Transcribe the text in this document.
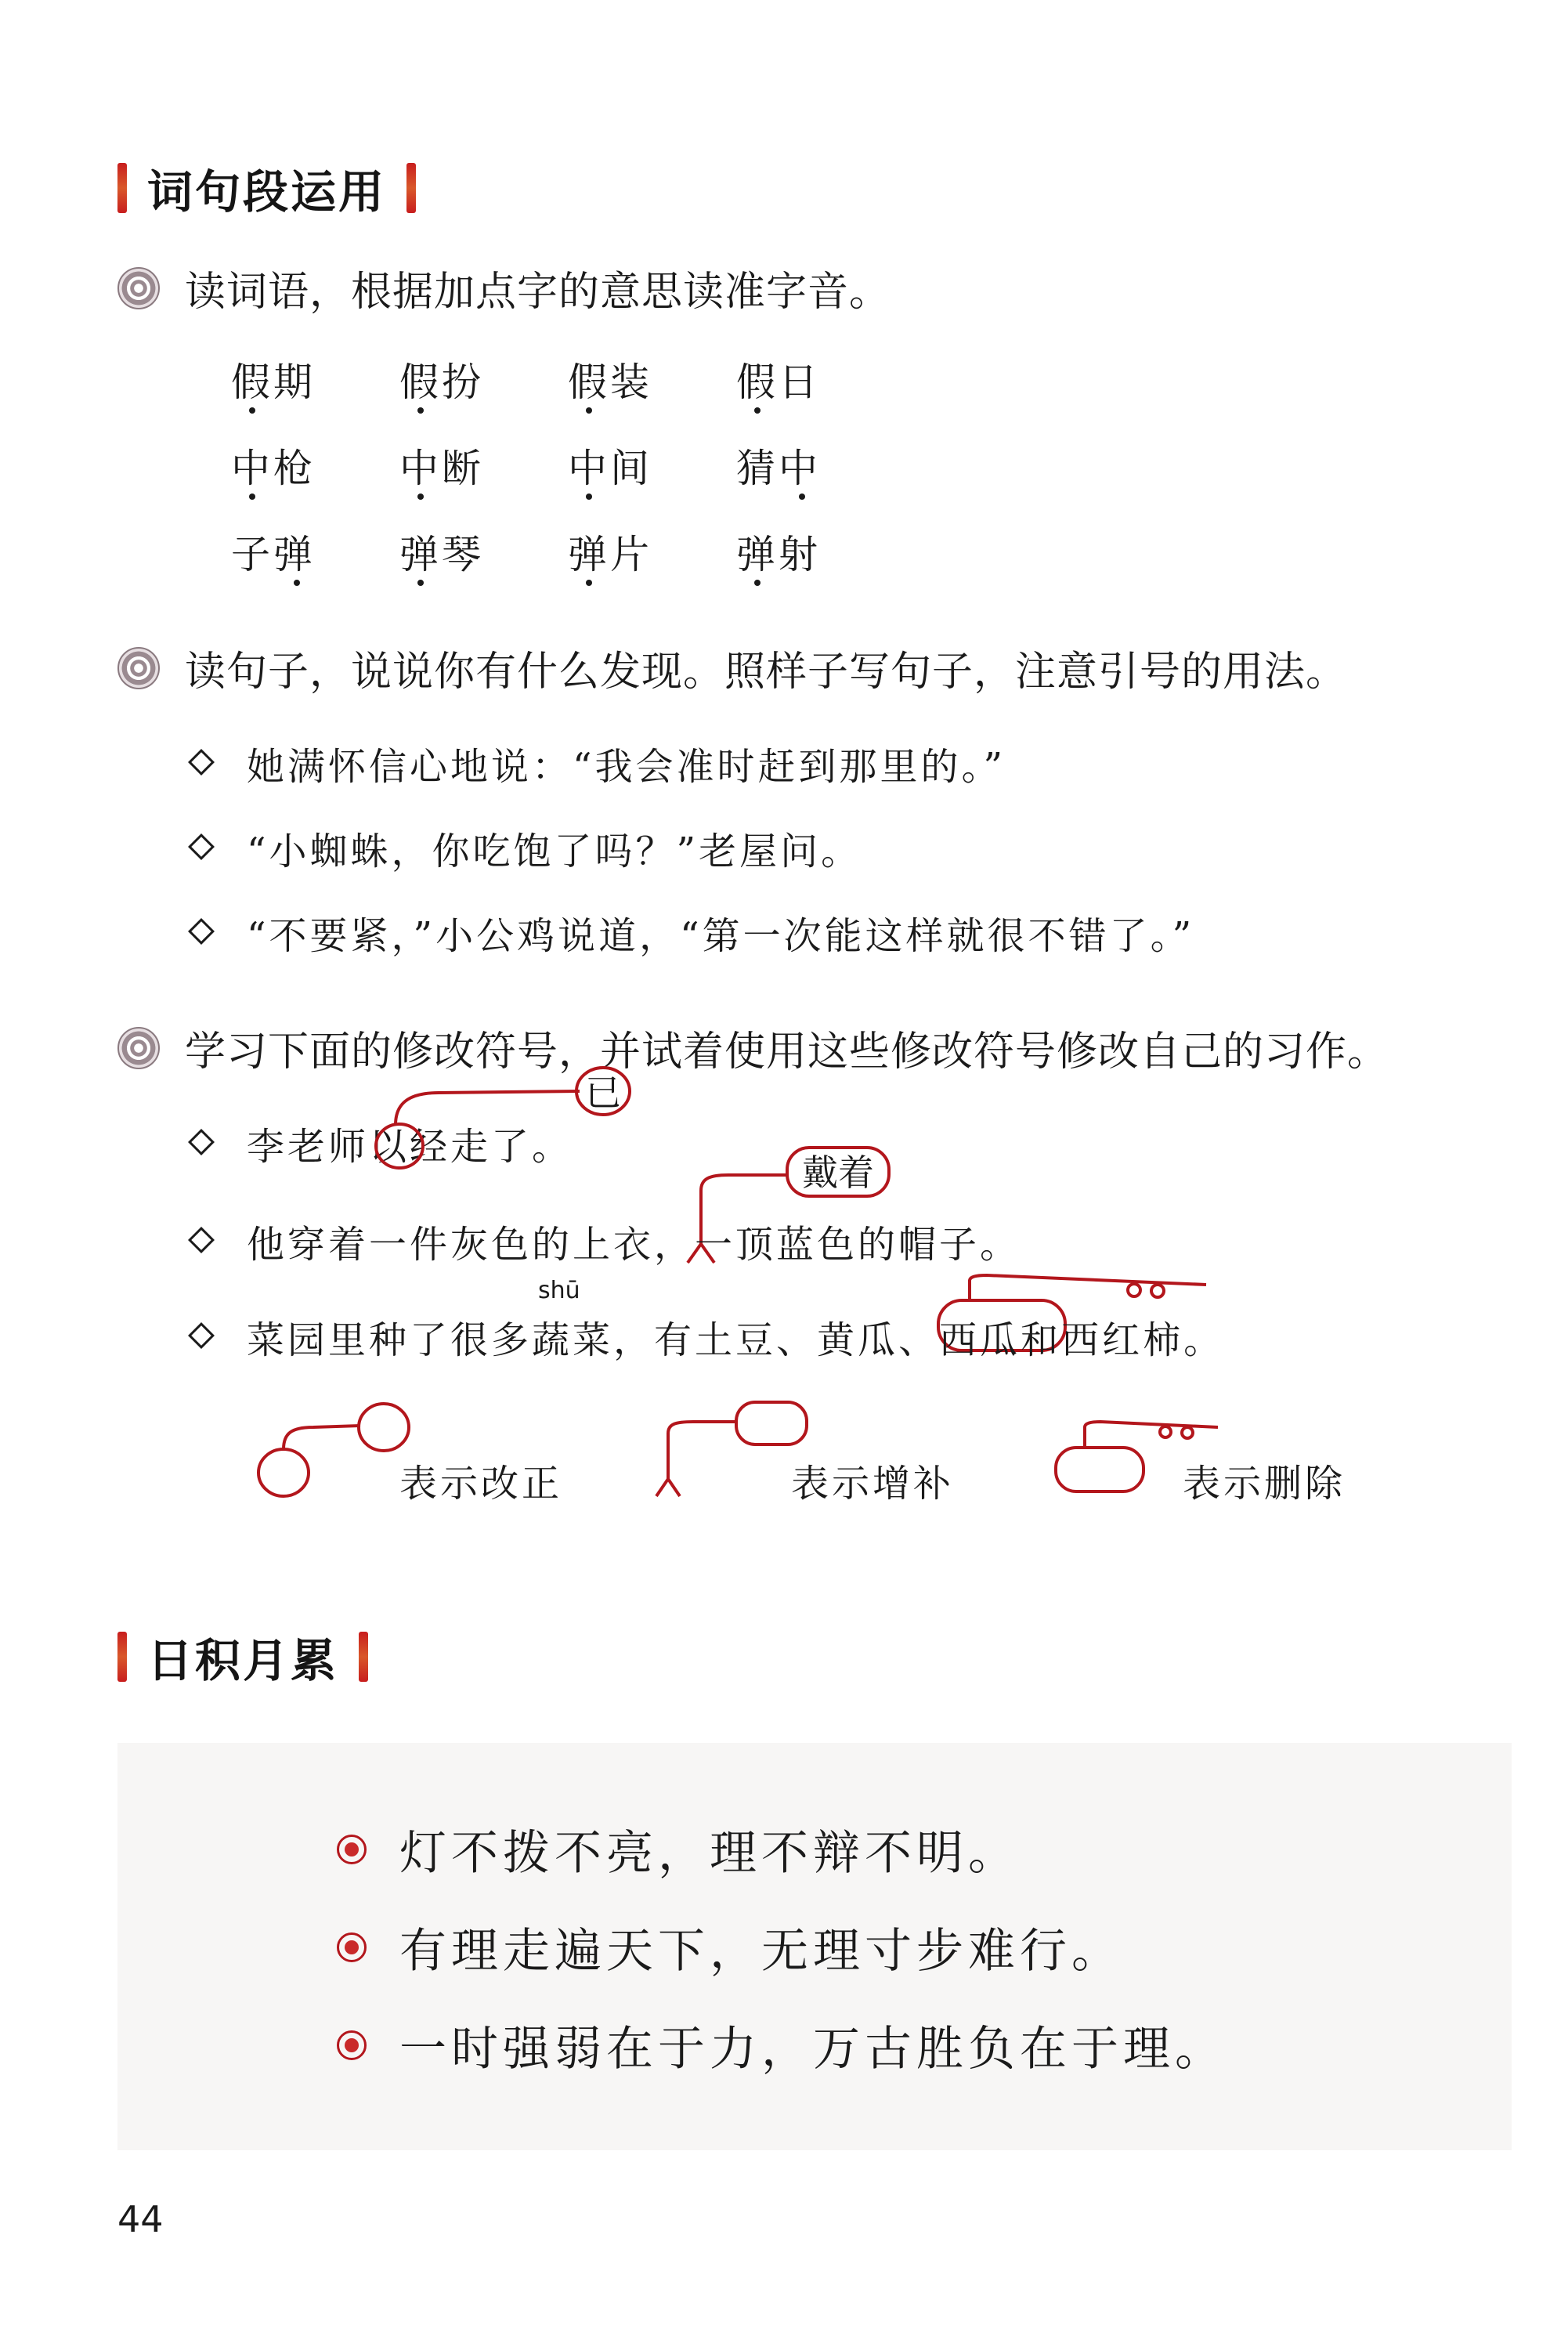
词句段运用
读词语，根据加点字的意思读准字音。
假期 假扮 假装 假日
中枪 中断 中间 猜中
子弹 弹琴 弹片 弹射
读句子，说说你有什么发现。照样子写句子，注意引号的用法。
她满怀信心地说：“我会准时赶到那里的。”
“小蜘蛛，你吃饱了吗？”老屋问。
“不要紧，”小公鸡说道，“第一次能这样就很不错了。”
学习下面的修改符号，并试着使用这些修改符号修改自己的习作。
李老师以经走了。
已
戴着
他穿着一件灰色的上衣，一顶蓝色的帽子。
菜园里种了很多
shū
蔬菜，有土豆、黄瓜、西瓜和西红柿。
表示改正	表示增补	表示删除
日积月累
灯不拨不亮，理不辩不明。
有理走遍天下，无理寸步难行。
一时强弱在于力，万古胜负在于理。
44
